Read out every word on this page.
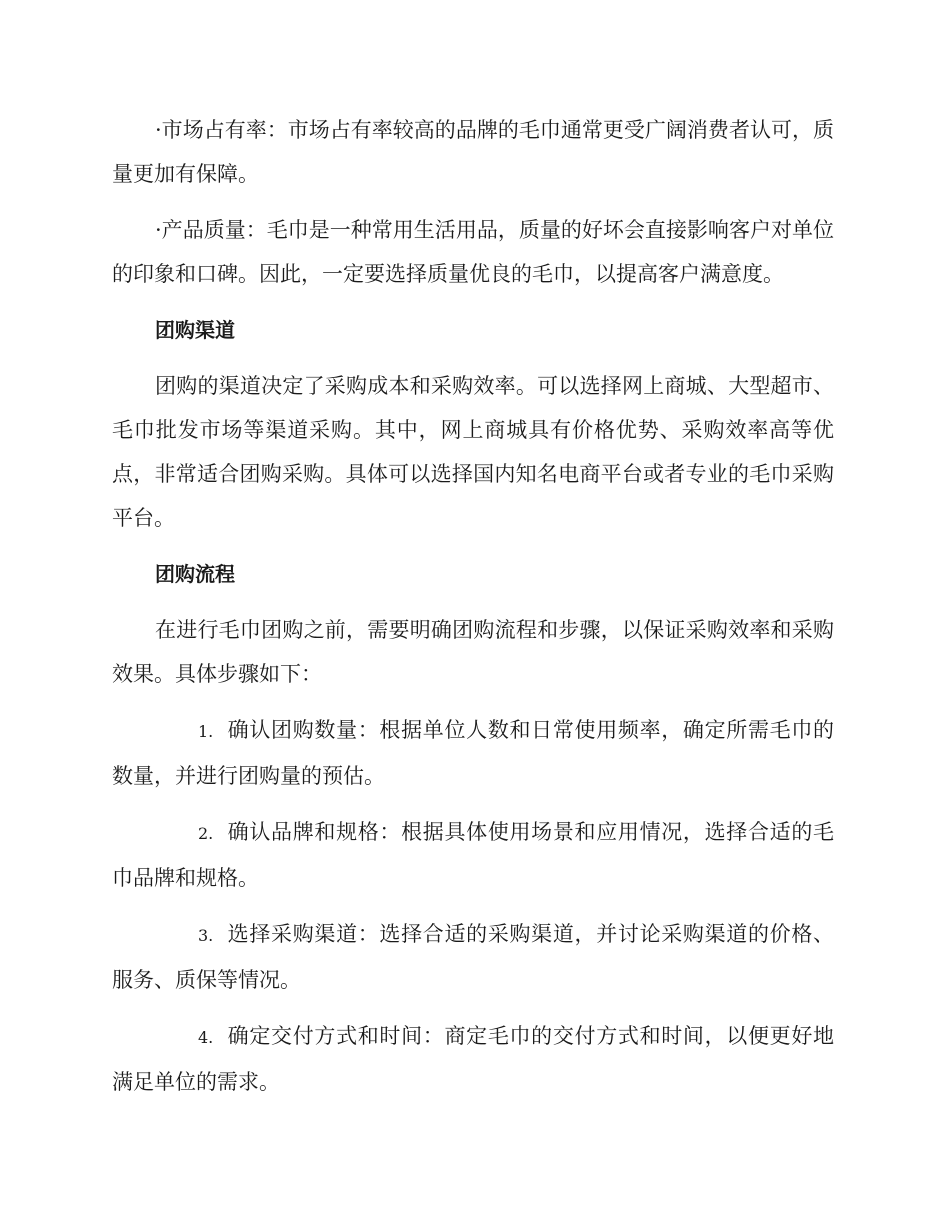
·市场占有率：市场占有率较高的品牌的毛巾通常更受广阔消费者认可，质量更加有保障。

·产品质量：毛巾是一种常用生活用品，质量的好坏会直接影响客户对单位的印象和口碑。因此，一定要选择质量优良的毛巾，以提高客户满意度。

团购渠道

团购的渠道决定了采购成本和采购效率。可以选择网上商城、大型超市、毛巾批发市场等渠道采购。其中，网上商城具有价格优势、采购效率高等优点，非常适合团购采购。具体可以选择国内知名电商平台或者专业的毛巾采购平台。

团购流程

在进行毛巾团购之前，需要明确团购流程和步骤，以保证采购效率和采购效果。具体步骤如下：

1. 确认团购数量：根据单位人数和日常使用频率，确定所需毛巾的数量，并进行团购量的预估。

2. 确认品牌和规格：根据具体使用场景和应用情况，选择合适的毛巾品牌和规格。

3. 选择采购渠道：选择合适的采购渠道，并讨论采购渠道的价格、服务、质保等情况。

4. 确定交付方式和时间：商定毛巾的交付方式和时间，以便更好地满足单位的需求。
